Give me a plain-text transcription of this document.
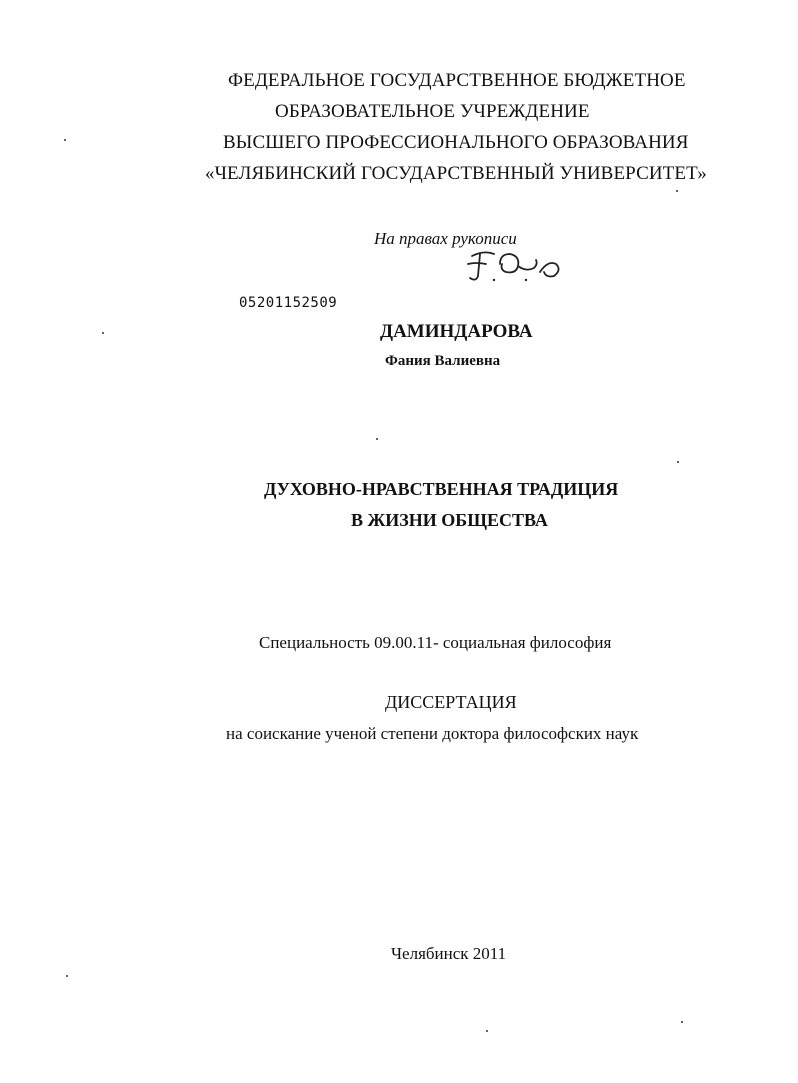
ФЕДЕРАЛЬНОЕ ГОСУДАРСТВЕННОЕ БЮДЖЕТНОЕ
ОБРАЗОВАТЕЛЬНОЕ УЧРЕЖДЕНИЕ
ВЫСШЕГО ПРОФЕССИОНАЛЬНОГО ОБРАЗОВАНИЯ
«ЧЕЛЯБИНСКИЙ ГОСУДАРСТВЕННЫЙ УНИВЕРСИТЕТ»
На правах рукописи
05201152509
ДАМИНДАРОВА
Фания Валиевна
ДУХОВНО-НРАВСТВЕННАЯ ТРАДИЦИЯ
В ЖИЗНИ ОБЩЕСТВА
Специальность 09.00.11- социальная философия
ДИССЕРТАЦИЯ
на соискание ученой степени доктора философских наук
Челябинск 2011
